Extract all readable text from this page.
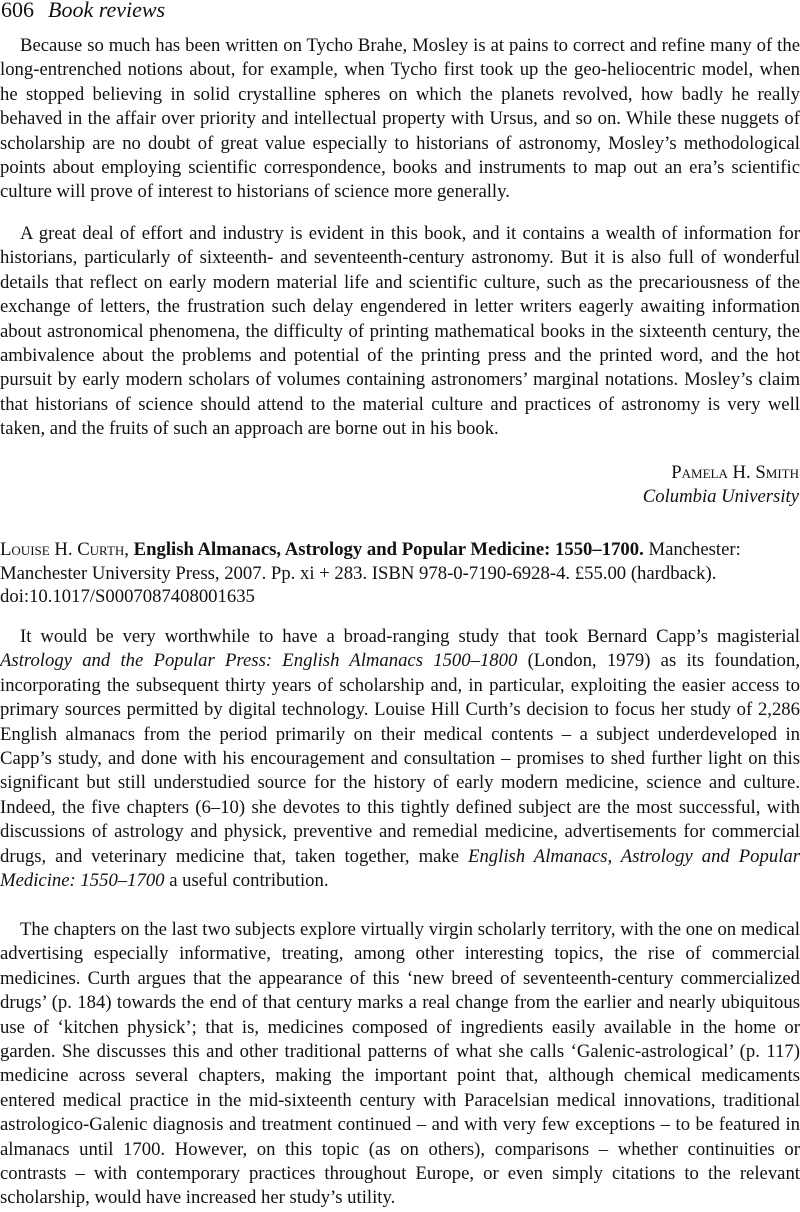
606 Book reviews

Because so much has been written on Tycho Brahe, Mosley is at pains to correct and refine many of the long-entrenched notions about, for example, when Tycho first took up the geo-heliocentric model, when he stopped believing in solid crystalline spheres on which the planets revolved, how badly he really behaved in the affair over priority and intellectual property with Ursus, and so on. While these nuggets of scholarship are no doubt of great value especially to historians of astronomy, Mosley’s methodological points about employing scientific correspondence, books and instruments to map out an era’s scientific culture will prove of interest to historians of science more generally.

A great deal of effort and industry is evident in this book, and it contains a wealth of information for historians, particularly of sixteenth- and seventeenth-century astronomy. But it is also full of wonderful details that reflect on early modern material life and scientific culture, such as the precariousness of the exchange of letters, the frustration such delay engendered in letter writers eagerly awaiting information about astronomical phenomena, the difficulty of printing mathematical books in the sixteenth century, the ambivalence about the problems and potential of the printing press and the printed word, and the hot pursuit by early modern scholars of volumes containing astronomers’ marginal notations. Mosley’s claim that historians of science should attend to the material culture and practices of astronomy is very well taken, and the fruits of such an approach are borne out in his book.

Pamela H. Smith
Columbia University

Louise H. Curth, English Almanacs, Astrology and Popular Medicine: 1550–1700. Manchester: Manchester University Press, 2007. Pp. xi + 283. ISBN 978-0-7190-6928-4. £55.00 (hardback).
doi:10.1017/S0007087408001635

It would be very worthwhile to have a broad-ranging study that took Bernard Capp’s magisterial Astrology and the Popular Press: English Almanacs 1500–1800 (London, 1979) as its foundation, incorporating the subsequent thirty years of scholarship and, in particular, exploiting the easier access to primary sources permitted by digital technology. Louise Hill Curth’s decision to focus her study of 2,286 English almanacs from the period primarily on their medical contents – a subject underdeveloped in Capp’s study, and done with his encouragement and consultation – promises to shed further light on this significant but still understudied source for the history of early modern medicine, science and culture. Indeed, the five chapters (6–10) she devotes to this tightly defined subject are the most successful, with discussions of astrology and physick, preventive and remedial medicine, advertisements for commercial drugs, and veterinary medicine that, taken together, make English Almanacs, Astrology and Popular Medicine: 1550–1700 a useful contribution.

The chapters on the last two subjects explore virtually virgin scholarly territory, with the one on medical advertising especially informative, treating, among other interesting topics, the rise of commercial medicines. Curth argues that the appearance of this ‘new breed of seventeenth-century commercialized drugs’ (p. 184) towards the end of that century marks a real change from the earlier and nearly ubiquitous use of ‘kitchen physick’; that is, medicines composed of ingredients easily available in the home or garden. She discusses this and other traditional patterns of what she calls ‘Galenic-astrological’ (p. 117) medicine across several chapters, making the important point that, although chemical medicaments entered medical practice in the mid-sixteenth century with Paracelsian medical innovations, traditional astrologico-Galenic diagnosis and treatment continued – and with very few exceptions – to be featured in almanacs until 1700. However, on this topic (as on others), comparisons – whether continuities or contrasts – with contemporary practices throughout Europe, or even simply citations to the relevant scholarship, would have increased her study’s utility.
